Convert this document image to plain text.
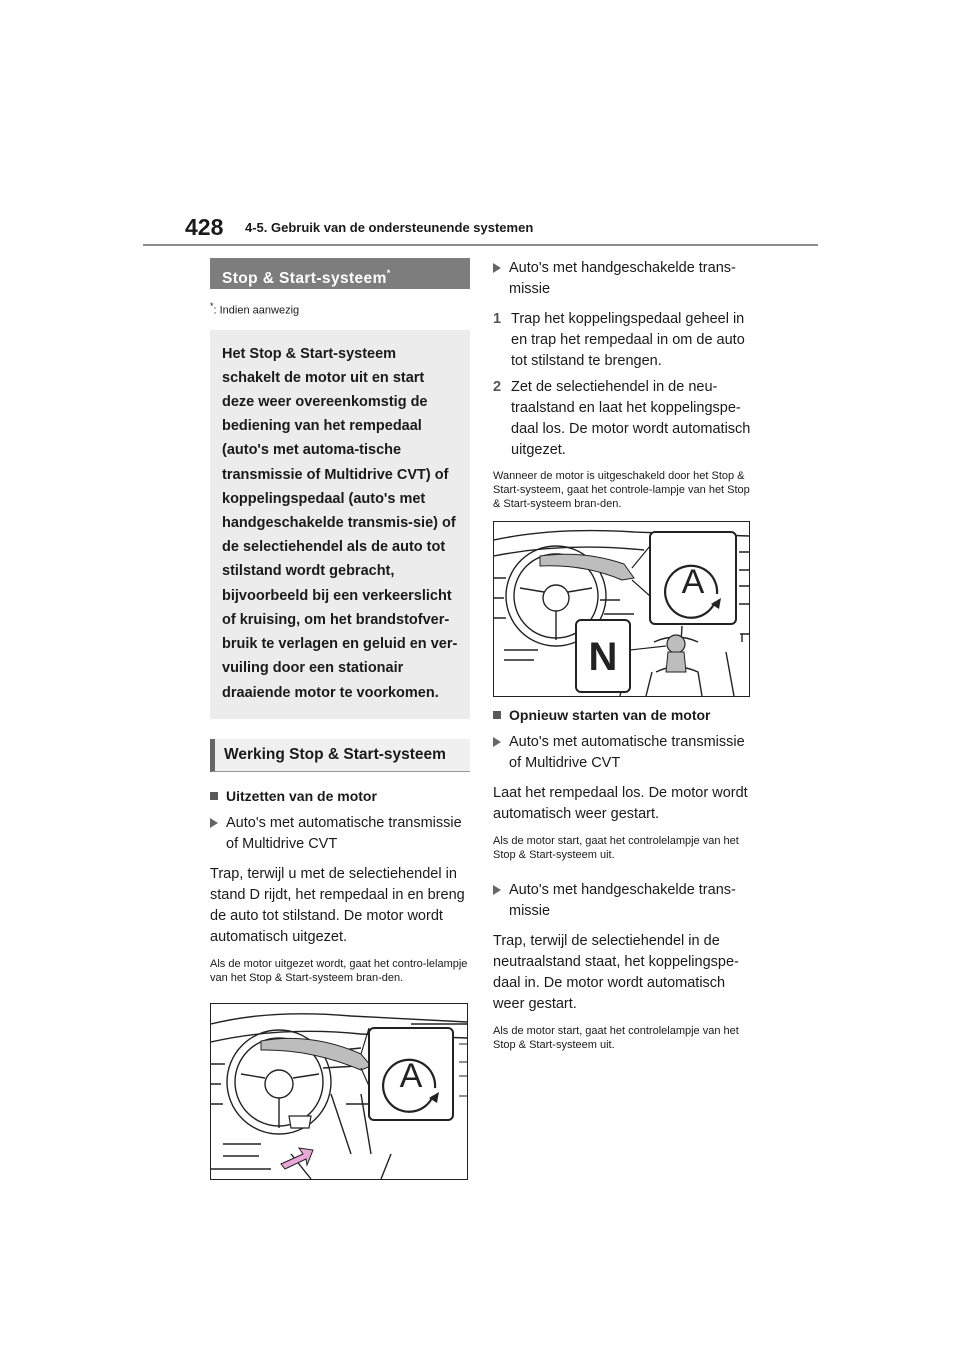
428 4-5. Gebruik van de ondersteunende systemen
Stop & Start-systeem*
*: Indien aanwezig
Het Stop & Start-systeem schakelt de motor uit en start deze weer overeenkomstig de bediening van het rempedaal (auto's met automa-tische transmissie of Multidrive CVT) of koppelingspedaal (auto's met handgeschakelde transmis-sie) of de selectiehendel als de auto tot stilstand wordt gebracht, bijvoorbeeld bij een verkeerslicht of kruising, om het brandstofver-bruik te verlagen en geluid en ver-vuiling door een stationair draaiende motor te voorkomen.
Werking Stop & Start-systeem
Uitzetten van de motor
Auto's met automatische transmissie of Multidrive CVT
Trap, terwijl u met de selectiehendel in stand D rijdt, het rempedaal in en breng de auto tot stilstand. De motor wordt automatisch uitgezet.
Als de motor uitgezet wordt, gaat het contro-lelampje van het Stop & Start-systeem bran-den.
A
Auto's met handgeschakelde trans-missie
1 Trap het koppelingspedaal geheel in en trap het rempedaal in om de auto tot stilstand te brengen.
2 Zet de selectiehendel in de neu-traalstand en laat het koppelingspe-daal los. De motor wordt automatisch uitgezet.
Wanneer de motor is uitgeschakeld door het Stop & Start-systeem, gaat het controle-lampje van het Stop & Start-systeem bran-den.
A
N
Opnieuw starten van de motor
Auto's met automatische transmissie of Multidrive CVT
Laat het rempedaal los. De motor wordt automatisch weer gestart.
Als de motor start, gaat het controlelampje van het Stop & Start-systeem uit.
Auto's met handgeschakelde trans-missie
Trap, terwijl de selectiehendel in de neutraalstand staat, het koppelingspe-daal in. De motor wordt automatisch weer gestart.
Als de motor start, gaat het controlelampje van het Stop & Start-systeem uit.
